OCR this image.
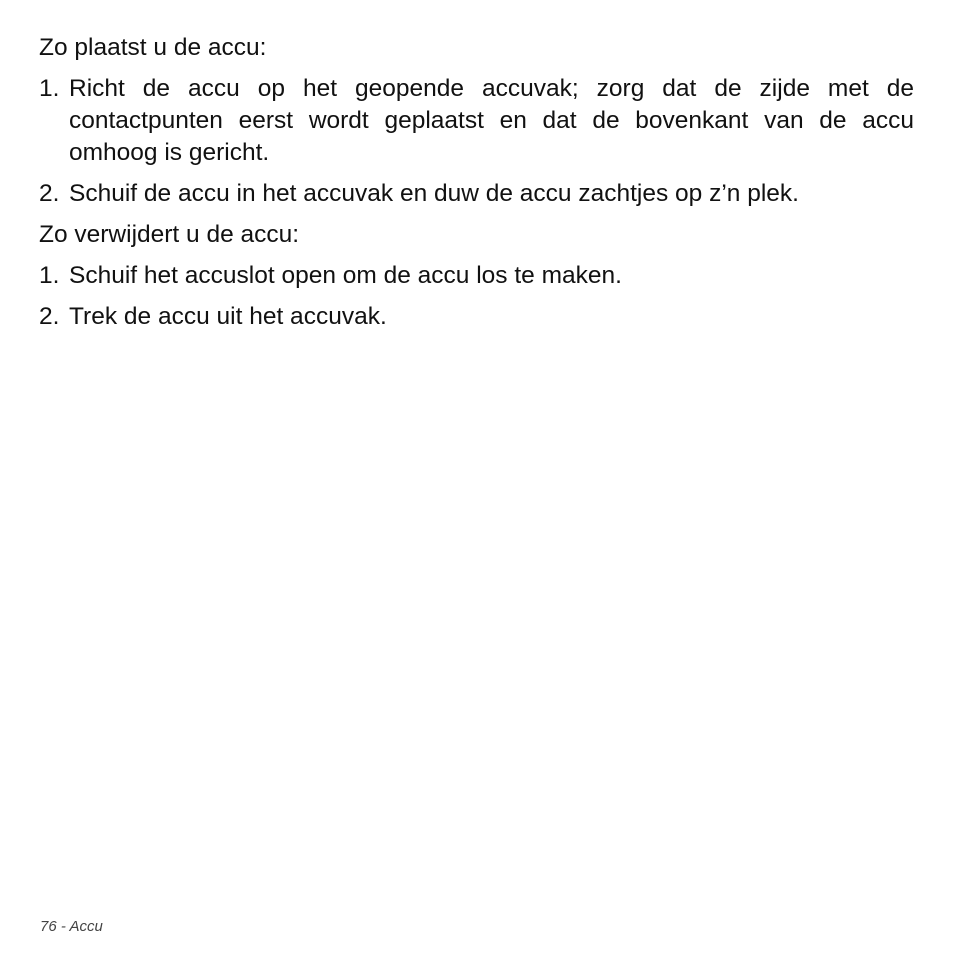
Zo plaatst u de accu:

1. Richt de accu op het geopende accuvak; zorg dat de zijde met de contactpunten eerst wordt geplaatst en dat de bovenkant van de accu omhoog is gericht.
2. Schuif de accu in het accuvak en duw de accu zachtjes op z’n plek.

Zo verwijdert u de accu:

1. Schuif het accuslot open om de accu los te maken.
2. Trek de accu uit het accuvak.
76 - Accu
